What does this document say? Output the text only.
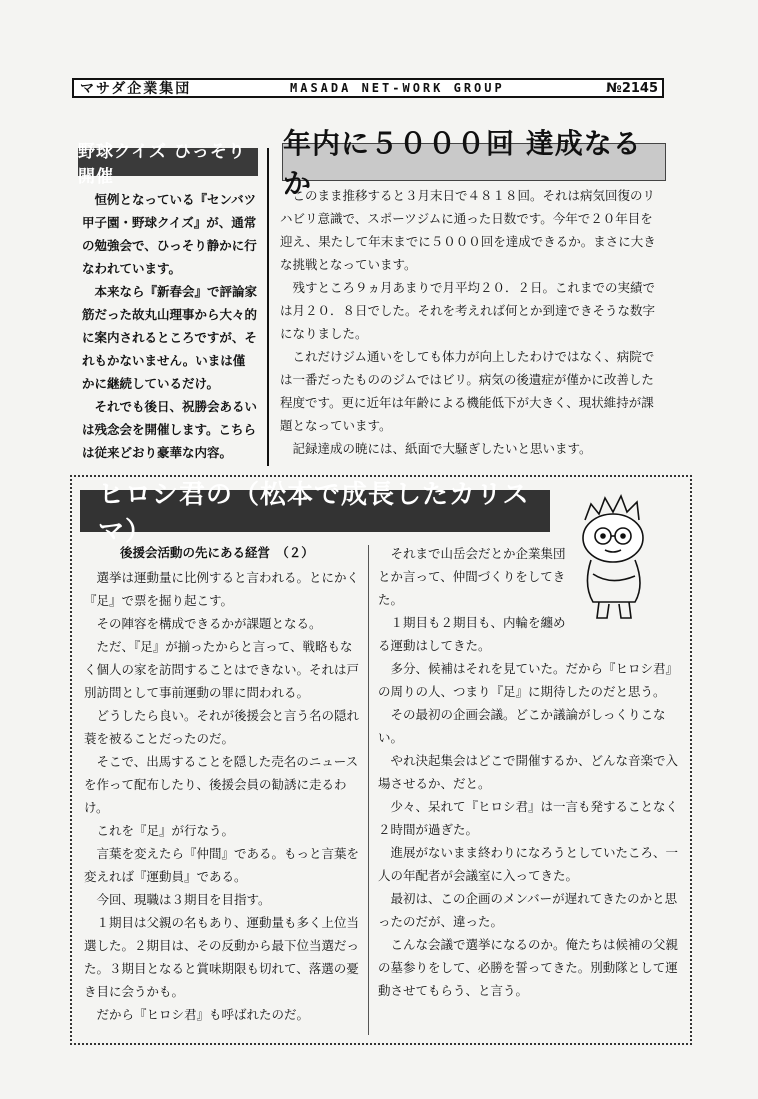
マサダ企業集団	MASADA NET-WORK GROUP	№2145
野球クイズ ひっそり開催

恒例となっている『センバツ甲子園・野球クイズ』が、通常の勉強会で、ひっそり静かに行なわれています。

本来なら『新春会』で評論家筋だった故丸山理事から大々的に案内されるところですが、それもかないません。いまは僅かに継続しているだけ。

それでも後日、祝勝会あるいは残念会を開催します。こちらは従来どおり豪華な内容。

年内に５０００回 達成なるか

このまま推移すると３月末日で４８１８回。それは病気回復のリハビリ意識で、スポーツジムに通った日数です。今年で２０年目を迎え、果たして年末までに５０００回を達成できるか。まさに大きな挑戦となっています。

残すところ９ヵ月あまりで月平均２０．２日。これまでの実績では月２０．８日でした。それを考えれば何とか到達できそうな数字になりました。

これだけジム通いをしても体力が向上したわけではなく、病院では一番だったもののジムではビリ。病気の後遺症が僅かに改善した程度です。更に近年は年齢による機能低下が大きく、現状維持が課題となっています。

記録達成の暁には、紙面で大騒ぎしたいと思います。

ヒロシ君の（松本で成長したカリスマ）
後援会活動の先にある経営　（２）

選挙は運動量に比例すると言われる。とにかく『足』で票を掘り起こす。

その陣容を構成できるかが課題となる。

ただ、『足』が揃ったからと言って、戦略もなく個人の家を訪問することはできない。それは戸別訪問として事前運動の罪に問われる。

どうしたら良い。それが後援会と言う名の隠れ蓑を被ることだったのだ。

そこで、出馬することを隠した売名のニュースを作って配布したり、後援会員の勧誘に走るわけ。

これを『足』が行なう。

言葉を変えたら『仲間』である。もっと言葉を変えれば『運動員』である。

今回、現職は３期目を目指す。

１期目は父親の名もあり、運動量も多く上位当選した。２期目は、その反動から最下位当選だった。３期目となると賞味期限も切れて、落選の憂き目に会うかも。

だから『ヒロシ君』も呼ばれたのだ。

それまで山岳会だとか企業集団とか言って、仲間づくりをしてきた。

１期目も２期目も、内輪を纏める運動はしてきた。

多分、候補はそれを見ていた。だから『ヒロシ君』の周りの人、つまり『足』に期待したのだと思う。

その最初の企画会議。どこか議論がしっくりこない。

やれ決起集会はどこで開催するか、どんな音楽で入場させるか、だと。

少々、呆れて『ヒロシ君』は一言も発することなく２時間が過ぎた。

進展がないまま終わりになろうとしていたころ、一人の年配者が会議室に入ってきた。

最初は、この企画のメンバーが遅れてきたのかと思ったのだが、違った。

こんな会議で選挙になるのか。俺たちは候補の父親の墓参りをして、必勝を誓ってきた。別動隊として運動させてもらう、と言う。
